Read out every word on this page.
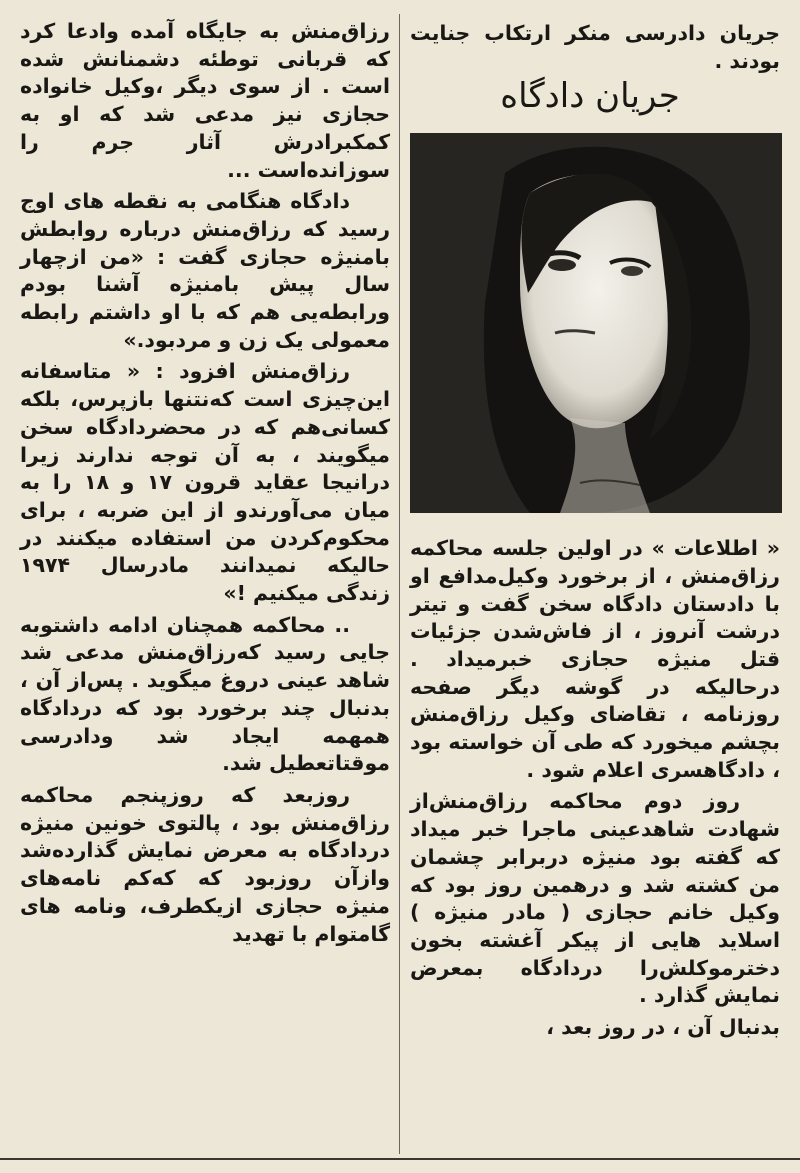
جریان دادرسی منکر ارتکاب جنایت بودند .

جریان دادگاه

« اطلاعات » در اولین جلسه محاکمه رزاق‌منش ، از برخورد وکیل‌مدافع او با دادستان دادگاه سخن گفت و تیتر درشت آنروز ، از فاش‌شدن جزئیات قتل منیژه حجازی خبرمیداد . درحالیکه در گوشه دیگر صفحه روزنامه ، تقاضای وکیل رزاق‌منش بچشم میخورد که طی آن خواسته بود ، دادگاهسری اعلام شود .

روز دوم محاکمه رزاق‌منش‌از شهادت شاهدعینی ماجرا خبر میداد که گفته بود منیژه دربرابر چشمان من کشته شد و درهمین روز بود که وکیل خانم حجازی ( مادر منیژه ) اسلاید هایی از پیکر آغشته بخون دخترموکلش‌را دردادگاه بمعرض نمایش گذارد .

بدنبال آن ، در روز بعد ،

رزاق‌منش به جایگاه آمده وادعا کرد که قربانی توطئه دشمنانش شده است . از سوی دیگر ،وکیل خانواده حجازی نیز مدعی شد که او به کمکبرادرش آثار جرم را سوزانده‌است ...

دادگاه هنگامی به نقطه های اوج رسید که رزاق‌منش درباره روابطش بامنیژه حجازی گفت : «من ازچهار سال پیش بامنیژه آشنا بودم ورابطه‌یی هم که با او داشتم رابطه معمولی یک زن و مردبود.»

رزاق‌منش افزود : « متاسفانه این‌چیزی است کەنتنها بازپرس، بلکه کسانی‌هم که در محضردادگاه سخن میگویند ، به آن توجه ندارند زیرا درانیجا عقاید قرون ۱۷ و ۱۸ را به میان می‌آورندو از این ضربه ، برای محکوم‌کردن من استفاده میکنند در حالیکه نمیدانند مادرسال ۱۹۷۴ زندگی میکنیم !»

.. محاکمه همچنان ادامه داشتوبه جایی رسید که‌رزاق‌منش مدعی شد شاهد عینی دروغ میگوید . پس‌از آن ، بدنبال چند برخورد بود که دردادگاه همهمه ایجاد شد ودادرسی موقتاتعطیل شد.

روزبعد که روزپنجم محاکمه رزاق‌منش بود ، پالتوی خونین منیژه دردادگاه به معرض نمایش گذاردەشد وازآن روزبود که کەکم نامەهای منیژه حجازی ازیکطرف، ونامه های گامتوام با تهدید
